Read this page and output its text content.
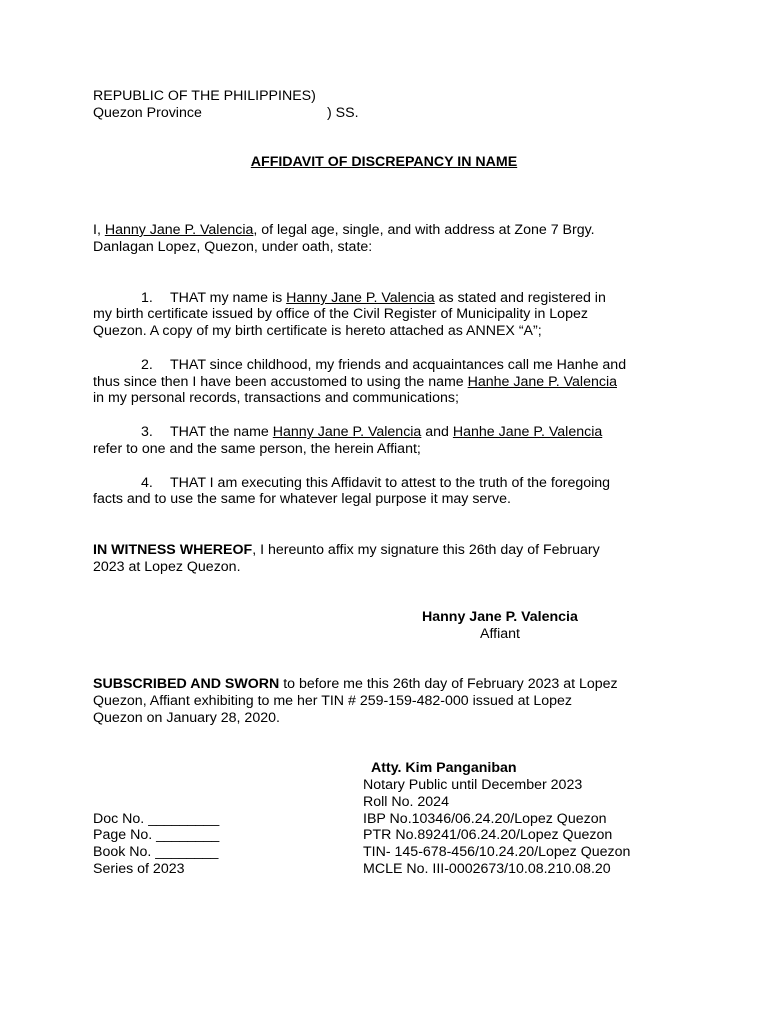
REPUBLIC OF THE PHILIPPINES)
Quezon Province	) SS.
AFFIDAVIT OF DISCREPANCY IN NAME
I, Hanny Jane P. Valencia, of legal age, single, and with address at Zone 7 Brgy.
Danlagan Lopez, Quezon, under oath, state:
1. THAT my name is Hanny Jane P. Valencia as stated and registered in
my birth certificate issued by office of the Civil Register of Municipality in Lopez
Quezon. A copy of my birth certificate is hereto attached as ANNEX “A”;
2. THAT since childhood, my friends and acquaintances call me Hanhe and
thus since then I have been accustomed to using the name Hanhe Jane P. Valencia
in my personal records, transactions and communications;
3. THAT the name Hanny Jane P. Valencia and Hanhe Jane P. Valencia
refer to one and the same person, the herein Affiant;
4. THAT I am executing this Affidavit to attest to the truth of the foregoing
facts and to use the same for whatever legal purpose it may serve.
IN WITNESS WHEREOF, I hereunto affix my signature this 26th day of February
2023 at Lopez Quezon.
Hanny Jane P. Valencia
Affiant
SUBSCRIBED AND SWORN to before me this 26th day of February 2023 at Lopez
Quezon, Affiant exhibiting to me her TIN # 259-159-482-000 issued at Lopez
Quezon on January 28, 2020.
Atty. Kim Panganiban
Notary Public until December 2023
Roll No. 2024
IBP No.10346/06.24.20/Lopez Quezon
PTR No.89241/06.24.20/Lopez Quezon
TIN- 145-678-456/10.24.20/Lopez Quezon
MCLE No. III-0002673/10.08.210.08.20
Doc No. _________
Page No. ________
Book No. ________
Series of 2023
